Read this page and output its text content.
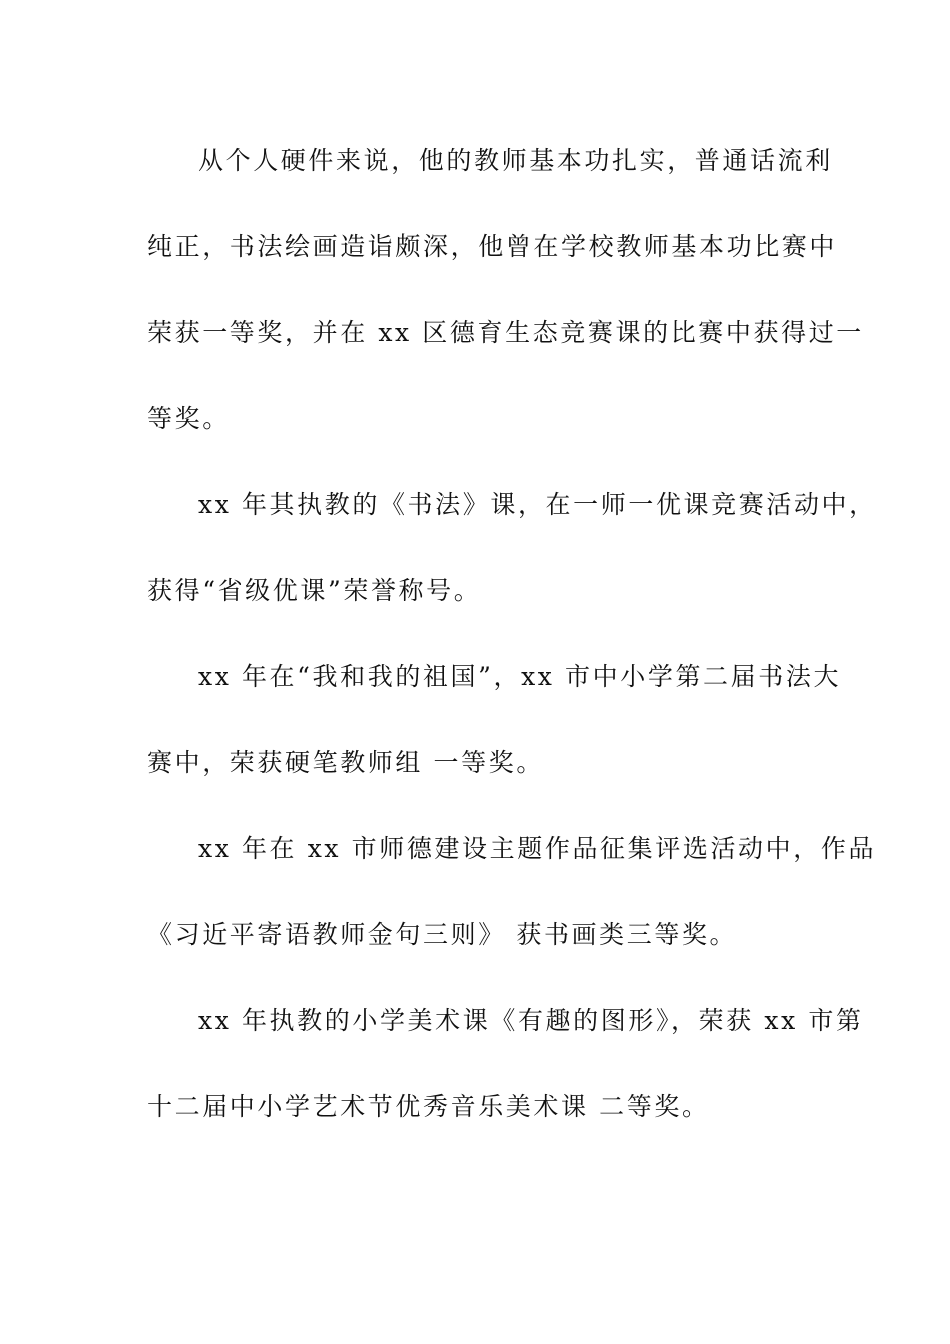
从个人硬件来说，他的教师基本功扎实，普通话流利
纯正，书法绘画造诣颇深，他曾在学校教师基本功比赛中
荣获一等奖，并在 xx 区德育生态竞赛课的比赛中获得过一
等奖。
xx 年其执教的《书法》课，在一师一优课竞赛活动中，
获得“省级优课”荣誉称号。
xx 年在“我和我的祖国”，xx 市中小学第二届书法大
赛中，荣获硬笔教师组 一等奖。
xx 年在 xx 市师德建设主题作品征集评选活动中，作品
《习近平寄语教师金句三则》 获书画类三等奖。
xx 年执教的小学美术课《有趣的图形》，荣获 xx 市第
十二届中小学艺术节优秀音乐美术课 二等奖。
